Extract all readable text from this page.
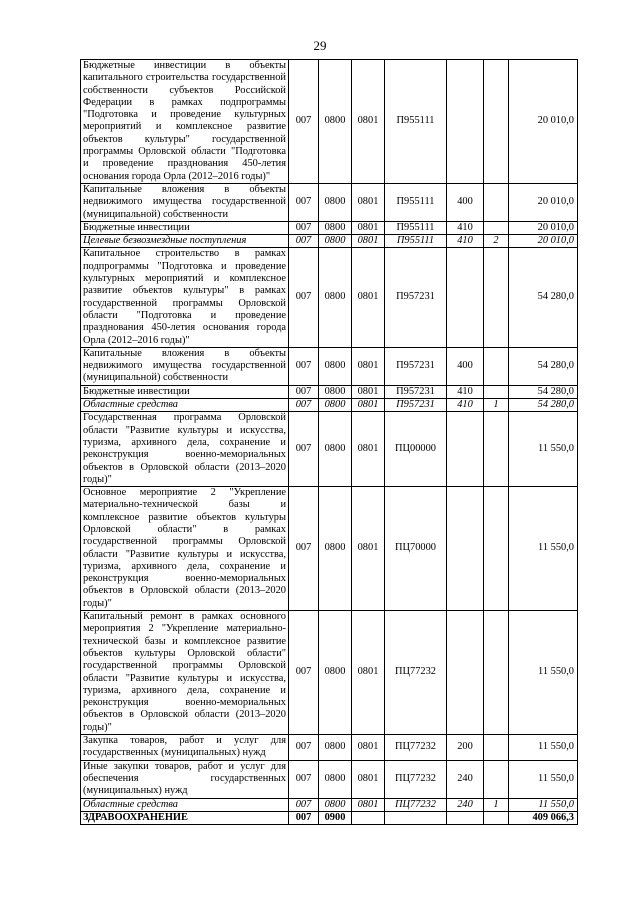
29
Бюджетные инвестиции в объекты капитального строительства государственной собственности субъектов Российской Федерации в рамках подпрограммы "Подготовка и проведение культурных мероприятий и комплексное развитие объектов культуры" государственной программы Орловской области "Подготовка и проведение празднования 450-летия основания города Орла (2012–2016 годы)"	007	0800	0801	П955111			20 010,0
Капитальные вложения в объекты недвижимого имущества государственной (муниципальной) собственности	007	0800	0801	П955111	400		20 010,0
Бюджетные инвестиции	007	0800	0801	П955111	410		20 010,0
Целевые безвозмездные поступления	007	0800	0801	П955111	410	2	20 010,0
Капитальное строительство в рамках подпрограммы "Подготовка и проведение культурных мероприятий и комплексное развитие объектов культуры" в рамках государственной программы Орловской области "Подготовка и проведение празднования 450-летия основания города Орла (2012–2016 годы)"	007	0800	0801	П957231			54 280,0
Капитальные вложения в объекты недвижимого имущества государственной (муниципальной) собственности	007	0800	0801	П957231	400		54 280,0
Бюджетные инвестиции	007	0800	0801	П957231	410		54 280,0
Областные средства	007	0800	0801	П957231	410	1	54 280,0
Государственная программа Орловской области "Развитие культуры и искусства, туризма, архивного дела, сохранение и реконструкция военно-мемориальных объектов в Орловской области (2013–2020 годы)"	007	0800	0801	ПЦ00000			11 550,0
Основное мероприятие 2 "Укрепление материально-технической базы и комплексное развитие объектов культуры Орловской области" в рамках государственной программы Орловской области "Развитие культуры и искусства, туризма, архивного дела, сохранение и реконструкция военно-мемориальных объектов в Орловской области (2013–2020 годы)"	007	0800	0801	ПЦ70000			11 550,0
Капитальный ремонт в рамках основного мероприятия 2 "Укрепление материально-технической базы и комплексное развитие объектов культуры Орловской области" государственной программы Орловской области "Развитие культуры и искусства, туризма, архивного дела, сохранение и реконструкция военно-мемориальных объектов в Орловской области (2013–2020 годы)"	007	0800	0801	ПЦ77232			11 550,0
Закупка товаров, работ и услуг для государственных (муниципальных) нужд	007	0800	0801	ПЦ77232	200		11 550,0
Иные закупки товаров, работ и услуг для обеспечения государственных (муниципальных) нужд	007	0800	0801	ПЦ77232	240		11 550,0
Областные средства	007	0800	0801	ПЦ77232	240	1	11 550,0
ЗДРАВООХРАНЕНИЕ	007	0900					409 066,3
